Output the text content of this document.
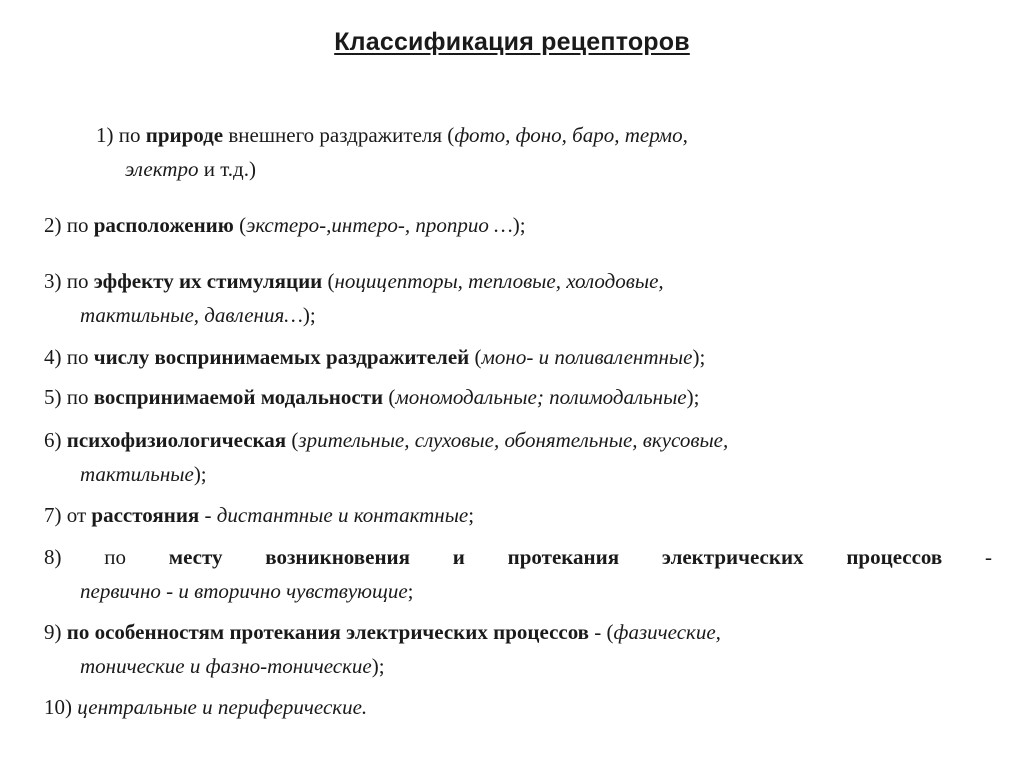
Классификация рецепторов
1) по природе внешнего раздражителя (фото, фоно, баро, термо,
электро и т.д.)
2) по расположению (экстеро-,интеро-, проприо …);
3) по эффекту их стимуляции (ноцицепторы, тепловые, холодовые,
тактильные, давления…);
4) по числу воспринимаемых раздражителей (моно- и поливалентные);
5) по воспринимаемой модальности (мономодальные; полимодальные);
6) психофизиологическая (зрительные, слуховые, обонятельные, вкусовые,
тактильные);
7) от расстояния - дистантные и контактные;
8) по месту возникновения и протекания электрических процессов -
первично - и вторично чувствующие;
9) по особенностям протекания электрических процессов - (фазические,
тонические и фазно-тонические);
10) центральные и периферические.
